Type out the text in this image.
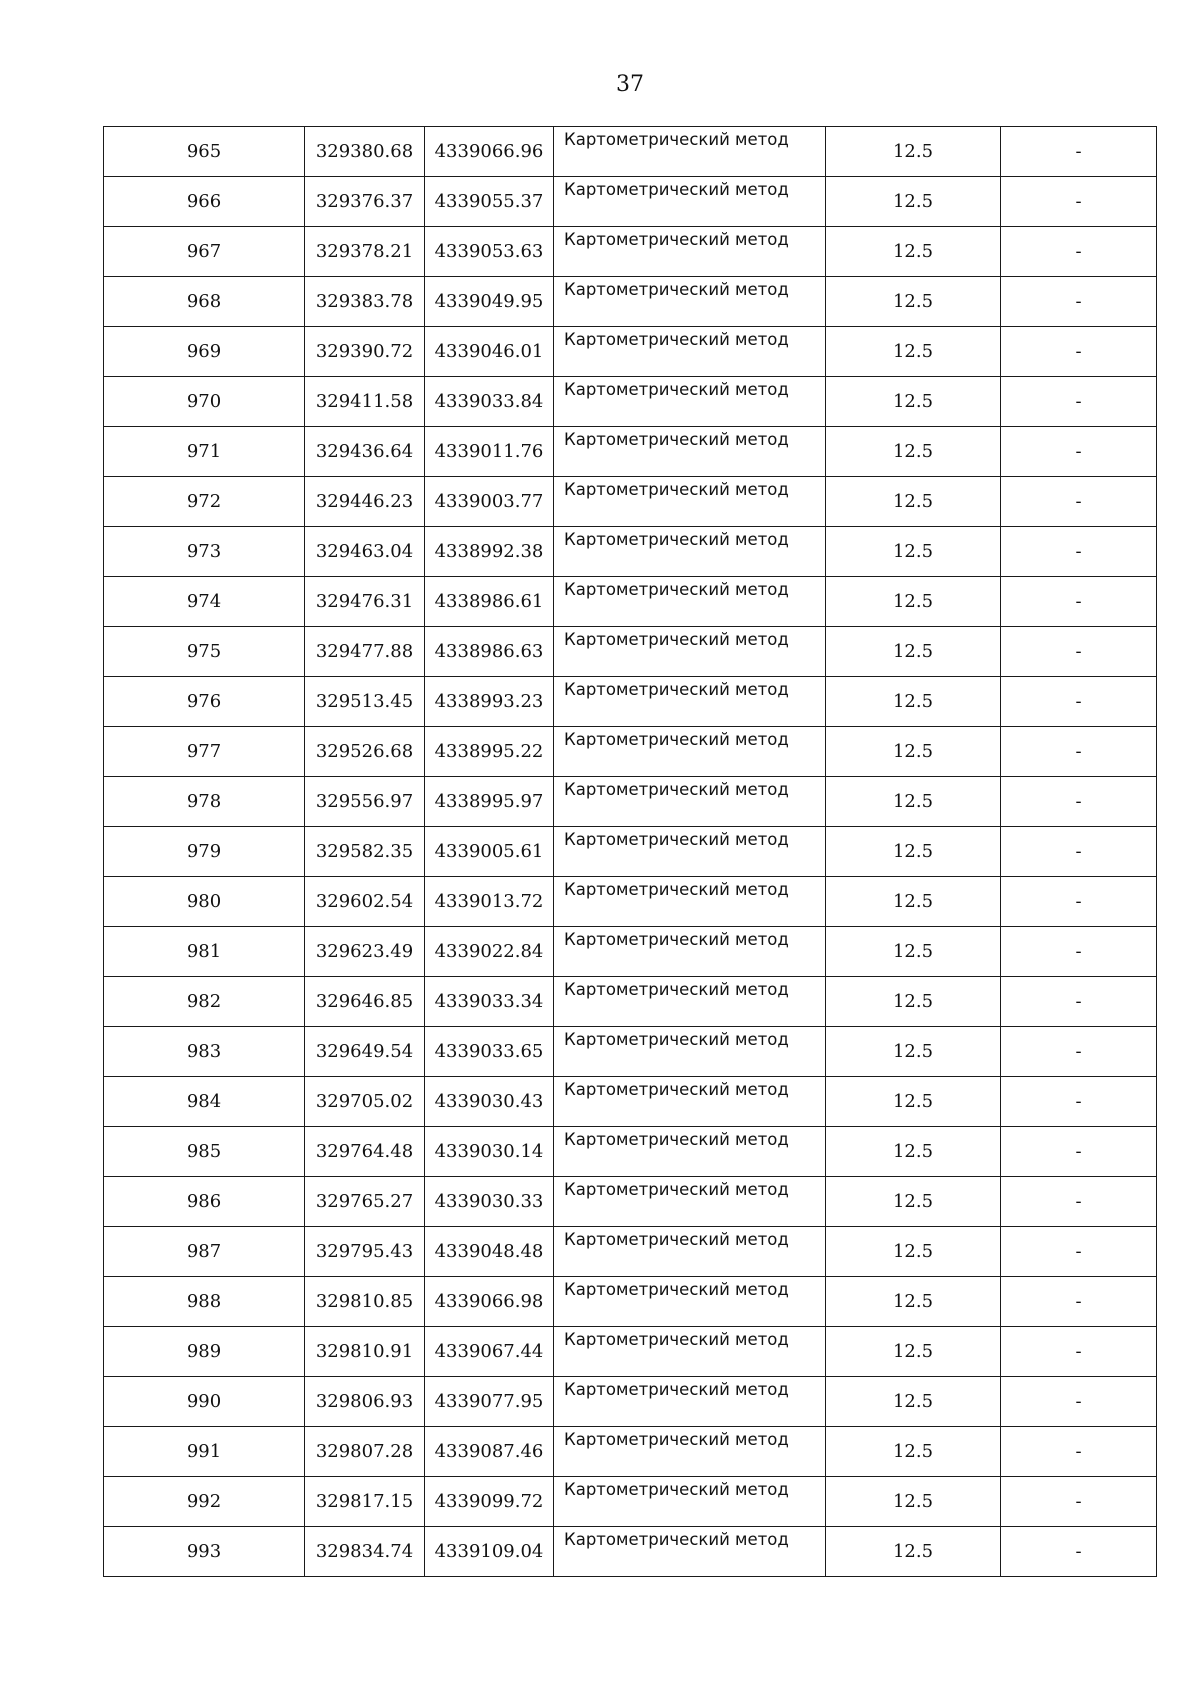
37
965	329380.68	4339066.96	Картометрический метод	12.5	-
966	329376.37	4339055.37	Картометрический метод	12.5	-
967	329378.21	4339053.63	Картометрический метод	12.5	-
968	329383.78	4339049.95	Картометрический метод	12.5	-
969	329390.72	4339046.01	Картометрический метод	12.5	-
970	329411.58	4339033.84	Картометрический метод	12.5	-
971	329436.64	4339011.76	Картометрический метод	12.5	-
972	329446.23	4339003.77	Картометрический метод	12.5	-
973	329463.04	4338992.38	Картометрический метод	12.5	-
974	329476.31	4338986.61	Картометрический метод	12.5	-
975	329477.88	4338986.63	Картометрический метод	12.5	-
976	329513.45	4338993.23	Картометрический метод	12.5	-
977	329526.68	4338995.22	Картометрический метод	12.5	-
978	329556.97	4338995.97	Картометрический метод	12.5	-
979	329582.35	4339005.61	Картометрический метод	12.5	-
980	329602.54	4339013.72	Картометрический метод	12.5	-
981	329623.49	4339022.84	Картометрический метод	12.5	-
982	329646.85	4339033.34	Картометрический метод	12.5	-
983	329649.54	4339033.65	Картометрический метод	12.5	-
984	329705.02	4339030.43	Картометрический метод	12.5	-
985	329764.48	4339030.14	Картометрический метод	12.5	-
986	329765.27	4339030.33	Картометрический метод	12.5	-
987	329795.43	4339048.48	Картометрический метод	12.5	-
988	329810.85	4339066.98	Картометрический метод	12.5	-
989	329810.91	4339067.44	Картометрический метод	12.5	-
990	329806.93	4339077.95	Картометрический метод	12.5	-
991	329807.28	4339087.46	Картометрический метод	12.5	-
992	329817.15	4339099.72	Картометрический метод	12.5	-
993	329834.74	4339109.04	Картометрический метод	12.5	-
